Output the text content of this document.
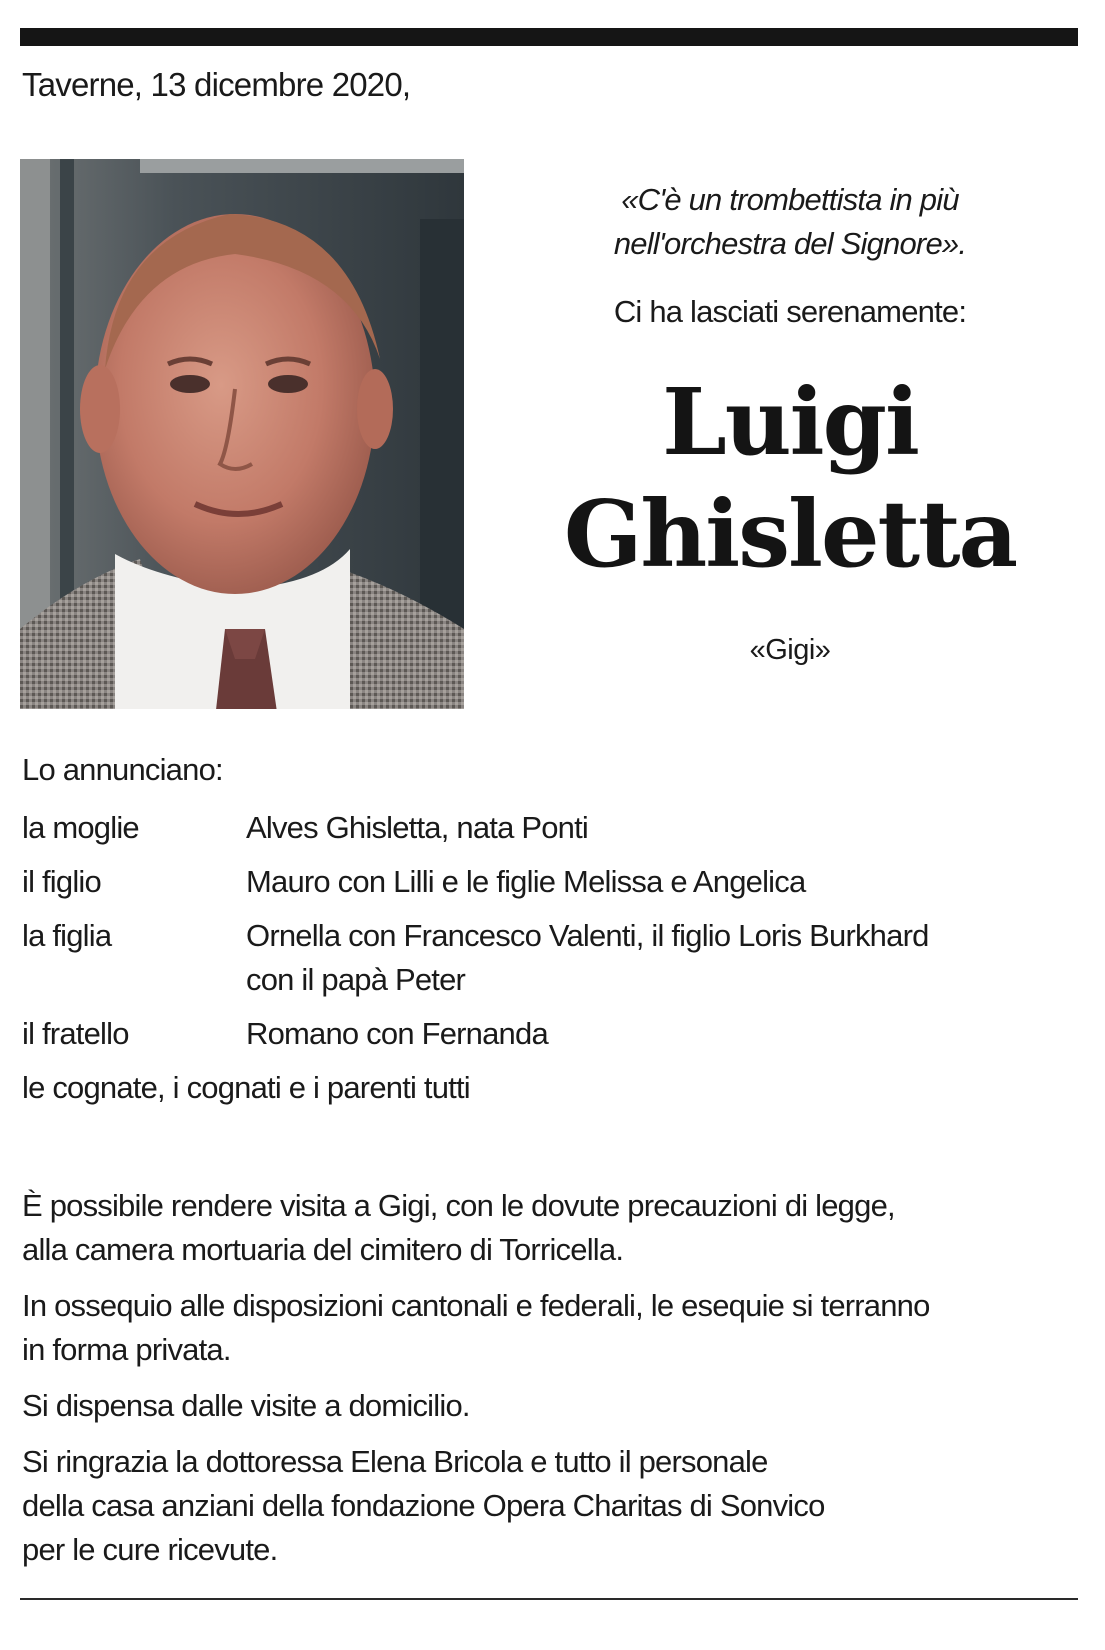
Taverne, 13 dicembre 2020,
«C'è un trombettista in più
nell'orchestra del Signore».
Ci ha lasciati serenamente:
Luigi
Ghisletta
«Gigi»
Lo annunciano:
la moglie	Alves Ghisletta, nata Ponti
il figlio	Mauro con Lilli e le figlie Melissa e Angelica
la figlia	Ornella con Francesco Valenti, il figlio Loris Burkhard
con il papà Peter
il fratello	Romano con Fernanda
le cognate, i cognati e i parenti tutti
È possibile rendere visita a Gigi, con le dovute precauzioni di legge,
alla camera mortuaria del cimitero di Torricella.
In ossequio alle disposizioni cantonali e federali, le esequie si terranno
in forma privata.
Si dispensa dalle visite a domicilio.
Si ringrazia la dottoressa Elena Bricola e tutto il personale
della casa anziani della fondazione Opera Charitas di Sonvico
per le cure ricevute.
